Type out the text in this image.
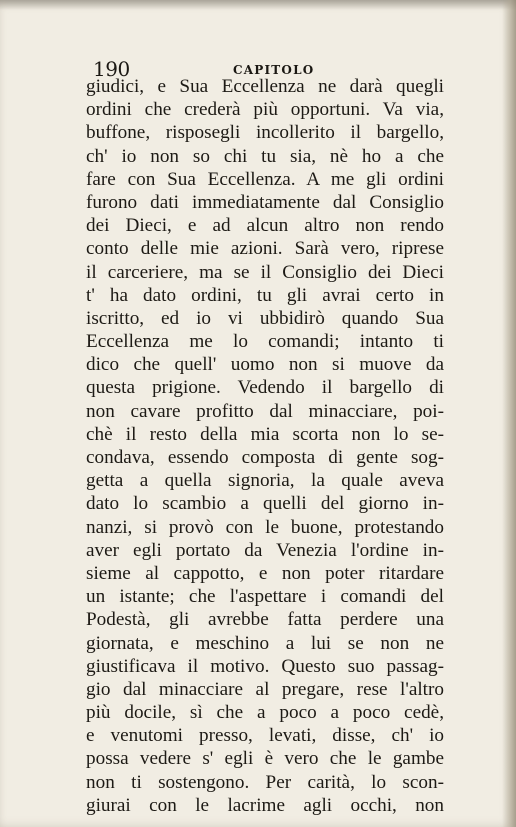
190	CAPITOLO
giudici, e Sua Eccellenza ne darà quegli
ordini che crederà più opportuni. Va via,
buffone, risposegli incollerito il bargello,
ch' io non so chi tu sia, nè ho a che
fare con Sua Eccellenza. A me gli ordini
furono dati immediatamente dal Consiglio
dei Dieci, e ad alcun altro non rendo
conto delle mie azioni. Sarà vero, riprese
il carceriere, ma se il Consiglio dei Dieci
t' ha dato ordini, tu gli avrai certo in
iscritto, ed io vi ubbidirò quando Sua
Eccellenza me lo comandi; intanto ti
dico che quell' uomo non si muove da
questa prigione. Vedendo il bargello di
non cavare profitto dal minacciare, poi-
chè il resto della mia scorta non lo se-
condava, essendo composta di gente sog-
getta a quella signoria, la quale aveva
dato lo scambio a quelli del giorno in-
nanzi, si provò con le buone, protestando
aver egli portato da Venezia l'ordine in-
sieme al cappotto, e non poter ritardare
un istante; che l'aspettare i comandi del
Podestà, gli avrebbe fatta perdere una
giornata, e meschino a lui se non ne
giustificava il motivo. Questo suo passag-
gio dal minacciare al pregare, rese l'altro
più docile, sì che a poco a poco cedè,
e venutomi presso, levati, disse, ch' io
possa vedere s' egli è vero che le gambe
non ti sostengono. Per carità, lo scon-
giurai con le lacrime agli occhi, non
